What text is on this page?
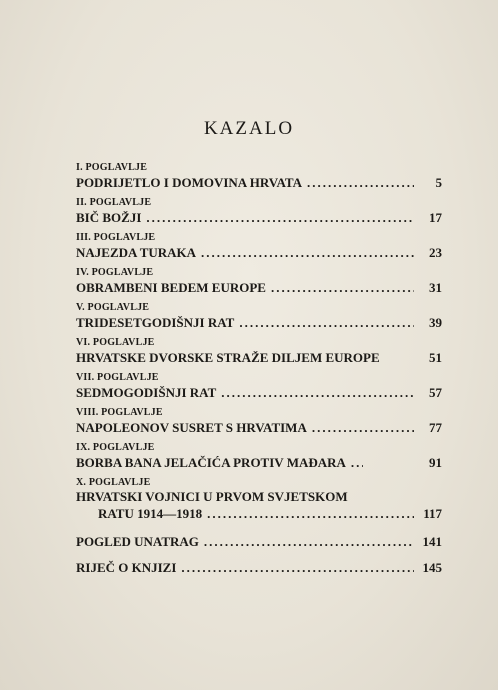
KAZALO
I. POGLAVLJE
PODRIJETLO I DOMOVINA HRVATA .....	5
II. POGLAVLJE
BIČ BOŽJI .....	17
III. POGLAVLJE
NAJEZDA TURAKA .....	23
IV. POGLAVLJE
OBRAMBENI BEDEM EUROPE .....	31
V. POGLAVLJE
TRIDESETGODIŠNJI RAT .....	39
VI. POGLAVLJE
HRVATSKE DVORSKE STRAŽE DILJEM EUROPE	51
VII. POGLAVLJE
SEDMOGODIŠNJI RAT .....	57
VIII. POGLAVLJE
NAPOLEONOV SUSRET S HRVATIMA .....	77
IX. POGLAVLJE
BORBA BANA JELAČIĆA PROTIV MAĐARA .....	91
X. POGLAVLJE
HRVATSKI VOJNICI U PRVOM SVJETSKOM
RATU 1914—1918 .....	117
POGLED UNATRAG .....	141
RIJEČ O KNJIZI .....	145
